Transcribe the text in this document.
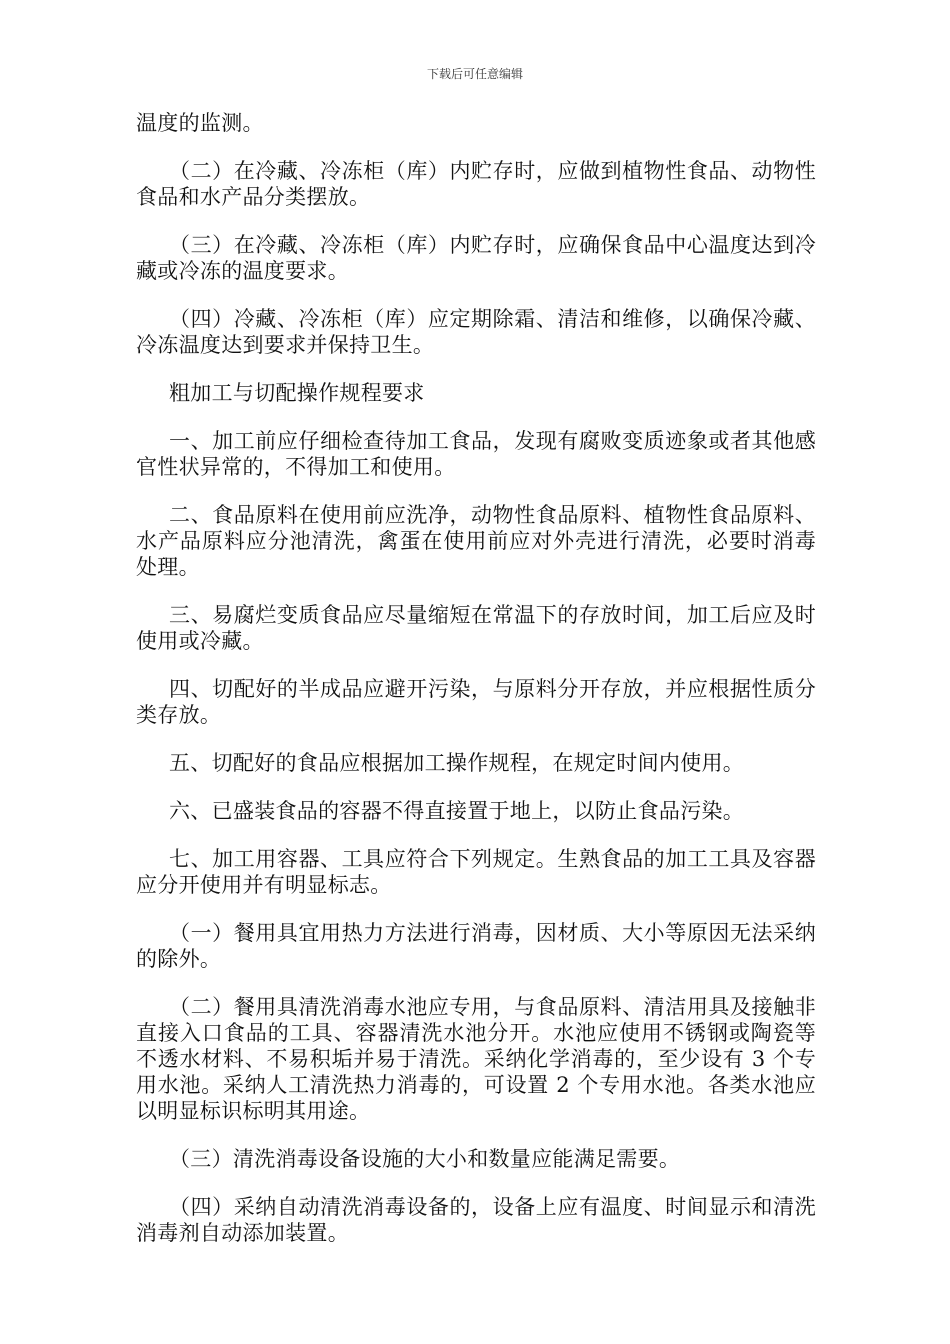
下载后可任意编辑

温度的监测。

（二）在冷藏、冷冻柜（库）内贮存时，应做到植物性食品、动物性食品和水产品分类摆放。

（三）在冷藏、冷冻柜（库）内贮存时，应确保食品中心温度达到冷藏或冷冻的温度要求。

（四）冷藏、冷冻柜（库）应定期除霜、清洁和维修，以确保冷藏、冷冻温度达到要求并保持卫生。

粗加工与切配操作规程要求

一、加工前应仔细检查待加工食品，发现有腐败变质迹象或者其他感官性状异常的，不得加工和使用。

二、食品原料在使用前应洗净，动物性食品原料、植物性食品原料、水产品原料应分池清洗，禽蛋在使用前应对外壳进行清洗，必要时消毒处理。

三、易腐烂变质食品应尽量缩短在常温下的存放时间，加工后应及时使用或冷藏。

四、切配好的半成品应避开污染，与原料分开存放，并应根据性质分类存放。

五、切配好的食品应根据加工操作规程，在规定时间内使用。

六、已盛装食品的容器不得直接置于地上，以防止食品污染。

七、加工用容器、工具应符合下列规定。生熟食品的加工工具及容器应分开使用并有明显标志。

（一）餐用具宜用热力方法进行消毒，因材质、大小等原因无法采纳的除外。

（二）餐用具清洗消毒水池应专用，与食品原料、清洁用具及接触非直接入口食品的工具、容器清洗水池分开。水池应使用不锈钢或陶瓷等不透水材料、不易积垢并易于清洗。采纳化学消毒的，至少设有 3 个专用水池。采纳人工清洗热力消毒的，可设置 2 个专用水池。各类水池应以明显标识标明其用途。

（三）清洗消毒设备设施的大小和数量应能满足需要。

（四）采纳自动清洗消毒设备的，设备上应有温度、时间显示和清洗消毒剂自动添加装置。
